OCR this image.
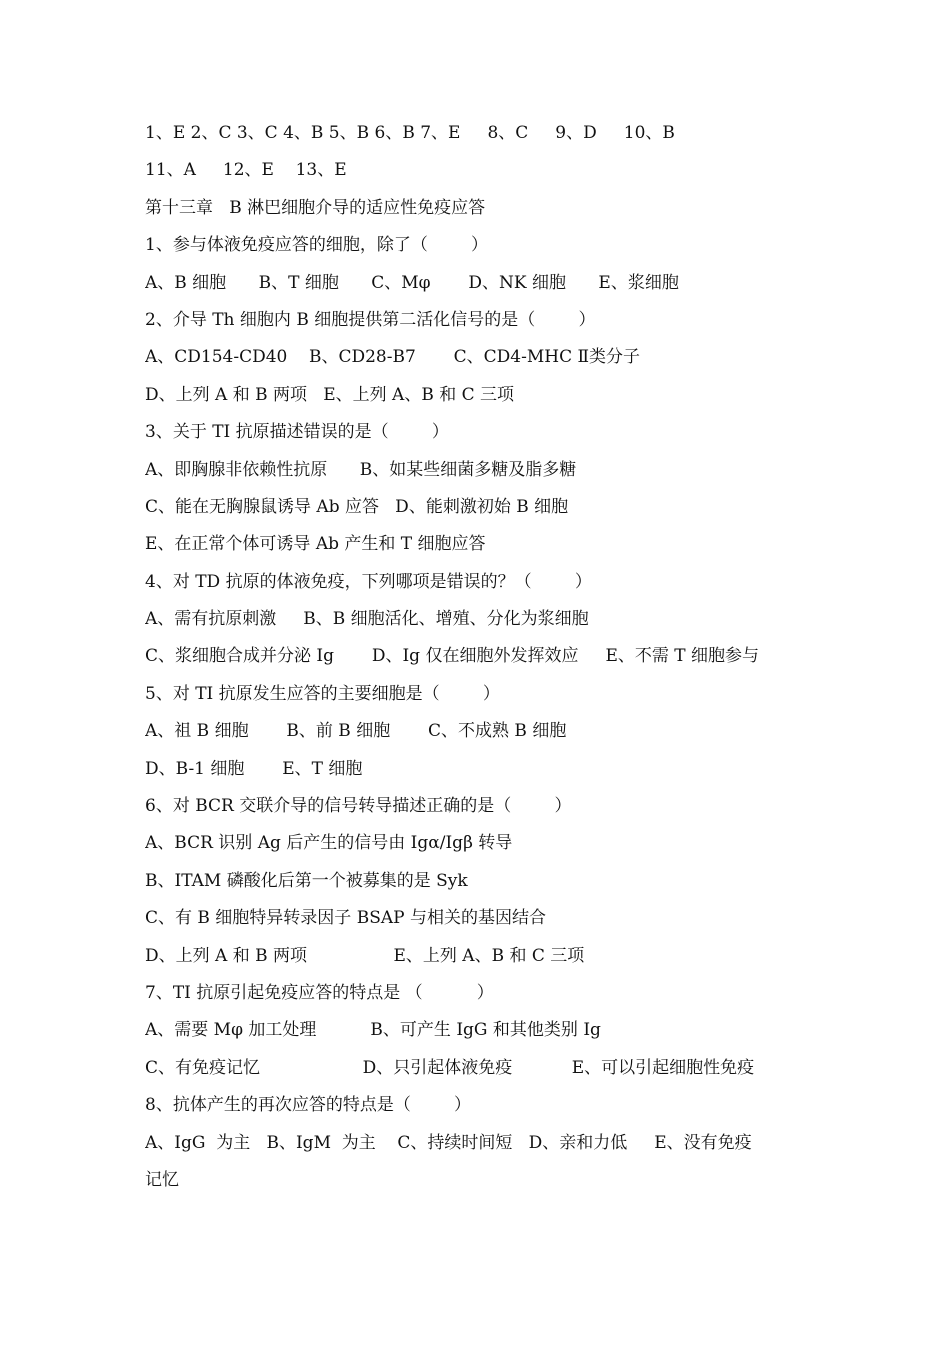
1、E 2、C 3、C 4、B 5、B 6、B 7、E     8、C     9、D     10、B
11、A     12、E    13、E
第十三章   B 淋巴细胞介导的适应性免疫应答
1、参与体液免疫应答的细胞，除了（        ）
A、B 细胞      B、T 细胞      C、Mφ       D、NK 细胞      E、浆细胞
2、介导 Th 细胞内 B 细胞提供第二活化信号的是（        ）
A、CD154-CD40    B、CD28-B7       C、CD4-MHC Ⅱ类分子
D、上列 A 和 B 两项   E、上列 A、B 和 C 三项
3、关于 TI 抗原描述错误的是（        ）
A、即胸腺非依赖性抗原      B、如某些细菌多糖及脂多糖
C、能在无胸腺鼠诱导 Ab 应答   D、能刺激初始 B 细胞
E、在正常个体可诱导 Ab 产生和 T 细胞应答
4、对 TD 抗原的体液免疫，下列哪项是错误的？（        ）
A、需有抗原刺激     B、B 细胞活化、增殖、分化为浆细胞
C、浆细胞合成并分泌 Ig       D、Ig 仅在细胞外发挥效应     E、不需 T 细胞参与
5、对 TI 抗原发生应答的主要细胞是（        ）
A、祖 B 细胞       B、前 B 细胞       C、不成熟 B 细胞
D、B-1 细胞       E、T 细胞
6、对 BCR 交联介导的信号转导描述正确的是（        ）
A、BCR 识别 Ag 后产生的信号由 Igα/Igβ 转导
B、ITAM 磷酸化后第一个被募集的是 Syk
C、有 B 细胞特异转录因子 BSAP 与相关的基因结合
D、上列 A 和 B 两项                E、上列 A、B 和 C 三项
7、TI 抗原引起免疫应答的特点是 （          ）
A、需要 Mφ 加工处理          B、可产生 IgG 和其他类别 Ig
C、有免疫记忆                   D、只引起体液免疫           E、可以引起细胞性免疫
8、抗体产生的再次应答的特点是（        ）
A、IgG  为主   B、IgM  为主    C、持续时间短   D、亲和力低     E、没有免疫
记忆
